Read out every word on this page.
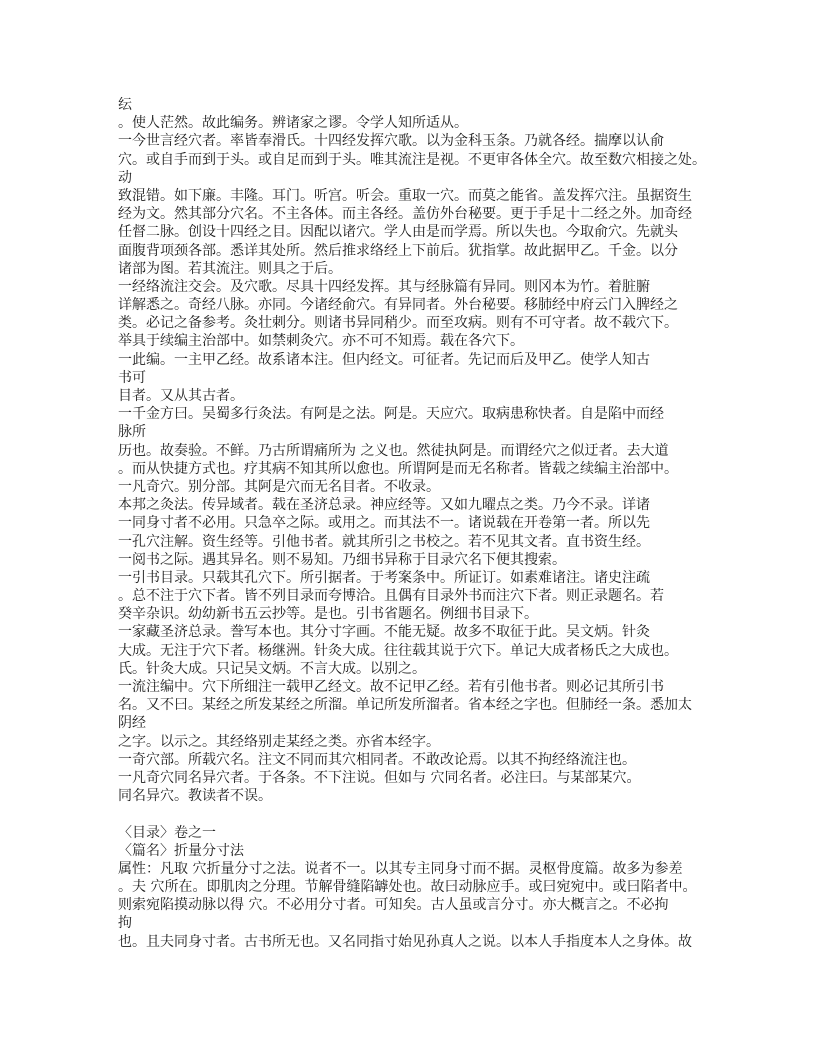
纭
。使人茫然。故此编务。辨诸家之谬。令学人知所适从。
一今世言经穴者。率皆奉滑氏。十四经发挥穴歌。以为金科玉条。乃就各经。揣摩以认俞
穴。或自手而到于头。或自足而到于头。唯其流注是视。不更审各体全穴。故至数穴相接之处。
动
致混错。如下廉。丰隆。耳门。听宫。听会。重取一穴。而莫之能省。盖发挥穴注。虽据资生
经为文。然其部分穴名。不主各体。而主各经。盖仿外台秘要。更于手足十二经之外。加奇经
任督二脉。创设十四经之目。因配以诸穴。学人由是而学焉。所以失也。今取俞穴。先就头
面腹背项颈各部。悉详其处所。然后推求络经上下前后。犹指掌。故此据甲乙。千金。以分
诸部为图。若其流注。则具之于后。
一经络流注交会。及穴歌。尽具十四经发挥。其与经脉篇有异同。则冈本为竹。着脏腑
详解悉之。奇经八脉。亦同。今诸经俞穴。有异同者。外台秘要。移肺经中府云门入脾经之
类。必记之备参考。灸壮刺分。则诸书异同稍少。而至攻病。则有不可守者。故不载穴下。
举具于续编主治部中。如禁刺灸穴。亦不可不知焉。载在各穴下。
一此编。一主甲乙经。故系诸本注。但内经文。可征者。先记而后及甲乙。使学人知古
书可
目者。又从其古者。
一千金方曰。吴蜀多行灸法。有阿是之法。阿是。天应穴。取病患称快者。自是陷中而经
脉所
历也。故奏验。不鲜。乃古所谓痛所为 之义也。然徒执阿是。而谓经穴之似迂者。去大道
。而从快捷方式也。疗其病不知其所以愈也。所谓阿是而无名称者。皆载之续编主治部中。
一凡奇穴。别分部。其阿是穴而无名目者。不收录。
本邦之灸法。传异域者。载在圣济总录。神应经等。又如九曜点之类。乃今不录。详诸
一同身寸者不必用。只急卒之际。或用之。而其法不一。诸说载在开卷第一者。所以先
一孔穴注解。资生经等。引他书者。就其所引之书校之。若不见其文者。直书资生经。
一阅书之际。遇其异名。则不易知。乃细书异称于目录穴名下便其搜索。
一引书目录。只载其孔穴下。所引据者。于考案条中。所证订。如素难诸注。诸史注疏
。总不注于穴下者。皆不列目录而夸博洽。且偶有目录外书而注穴下者。则正录题名。若
癸辛杂识。幼幼新书五云抄等。是也。引书省题名。例细书目录下。
一家藏圣济总录。誊写本也。其分寸字画。不能无疑。故多不取征于此。吴文炳。针灸
大成。无注于穴下者。杨继洲。针灸大成。往往载其说于穴下。单记大成者杨氏之大成也。
氏。针灸大成。只记吴文炳。不言大成。以别之。
一流注编中。穴下所细注一载甲乙经文。故不记甲乙经。若有引他书者。则必记其所引书
名。又不曰。某经之所发某经之所溜。单记所发所溜者。省本经之字也。但肺经一条。悉加太
阴经
之字。以示之。其经络别走某经之类。亦省本经字。
一奇穴部。所载穴名。注文不同而其穴相同者。不敢改论焉。以其不拘经络流注也。
一凡奇穴同名异穴者。于各条。不下注说。但如与 穴同名者。必注曰。与某部某穴。
同名异穴。教读者不误。
〈目录〉卷之一
〈篇名〉折量分寸法
属性：凡取 穴折量分寸之法。说者不一。以其专主同身寸而不据。灵枢骨度篇。故多为参差
。夫 穴所在。即肌肉之分理。节解骨缝陷罅处也。故曰动脉应手。或曰宛宛中。或曰陷者中。
则索宛陷摸动脉以得 穴。不必用分寸者。可知矣。古人虽或言分寸。亦大概言之。不必拘
拘
也。且夫同身寸者。古书所无也。又名同指寸始见孙真人之说。以本人手指度本人之身体。故
